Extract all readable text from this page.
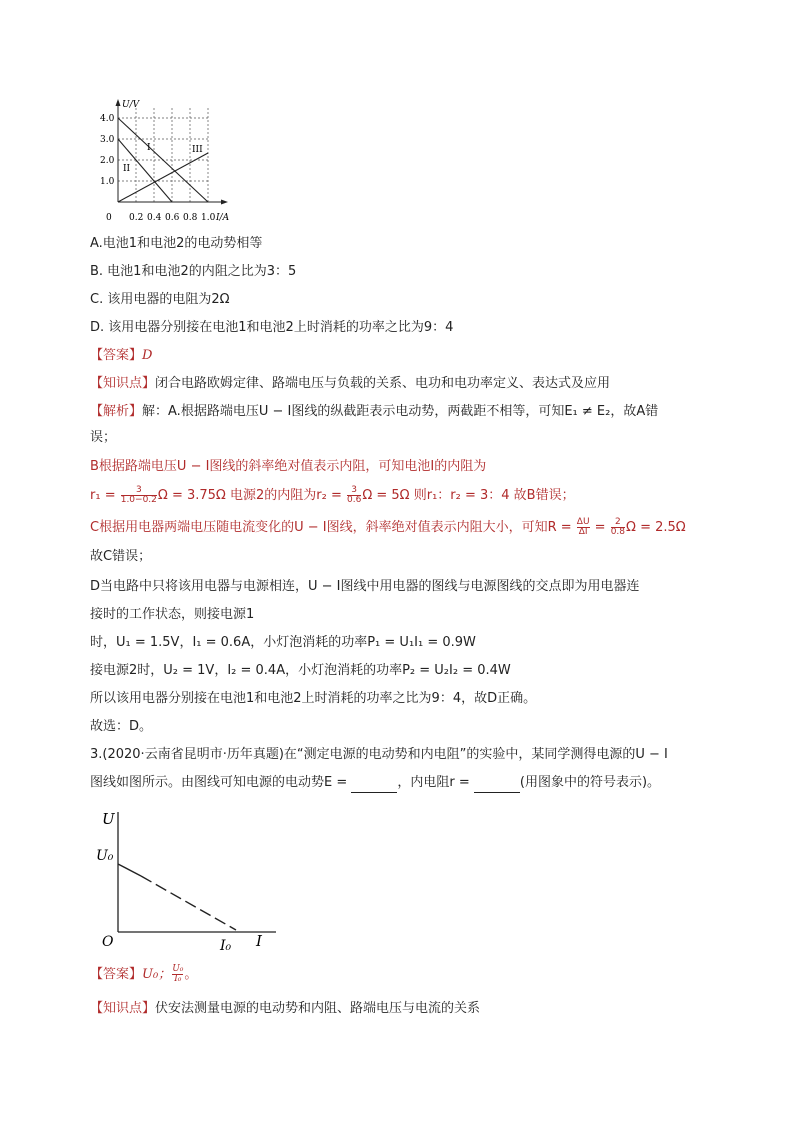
U/V
4.0
3.0
2.0
1.0
0 0.2 0.4 0.6 0.8 1.0 I/A
I
II
III
A.电池1和电池2的电动势相等
B. 电池1和电池2的内阻之比为3：5
C. 该用电器的电阻为2Ω
D. 该用电器分别接在电池1和电池2上时消耗的功率之比为9：4
【答案】D
【知识点】闭合电路欧姆定律、路端电压与负载的关系、电功和电功率定义、表达式及应用
【解析】解：A.根据路端电压U − I图线的纵截距表示电动势，两截距不相等，可知E₁ ≠ E₂，故A错
误；
B根据路端电压U − I图线的斜率绝对值表示内阻，可知电池I的内阻为
$r_1 = \frac{3}{1.0-0.2}$ Ω = 3.75Ω 电源2的内阻为$r_2 = \frac{3}{0.6}$ Ω = 5Ω 则r₁：r₂ = 3：4 故B错误；
C根据用电器两端电压随电流变化的U − I图线，斜率绝对值表示内阻大小，可知$R = \frac{\Delta U}{\Delta I} = \frac{2}{0.8}$ Ω = 2.5Ω
故C错误；
D当电路中只将该用电器与电源相连，U − I图线中用电器的图线与电源图线的交点即为用电器连
接时的工作状态，则接电源1
时，U₁ = 1.5V，I₁ = 0.6A，小灯泡消耗的功率P₁ = U₁I₁ = 0.9W
接电源2时，U₂ = 1V，I₂ = 0.4A，小灯泡消耗的功率P₂ = U₂I₂ = 0.4W
所以该用电器分别接在电池1和电池2上时消耗的功率之比为9：4，故D正确。
故选：D。
3.(2020·云南省昆明市·历年真题)在“测定电源的电动势和内电阻”的实验中，某同学测得电源的U − I
图线如图所示。由图线可知电源的电动势E =	，内电阻r =	(用图象中的符号表示)。
U
U₀
O	I₀ I
【答案】U₀； $\frac{\text{U₀}}{\text{I₀}}$ 。
【知识点】伏安法测量电源的电动势和内阻、路端电压与电流的关系
